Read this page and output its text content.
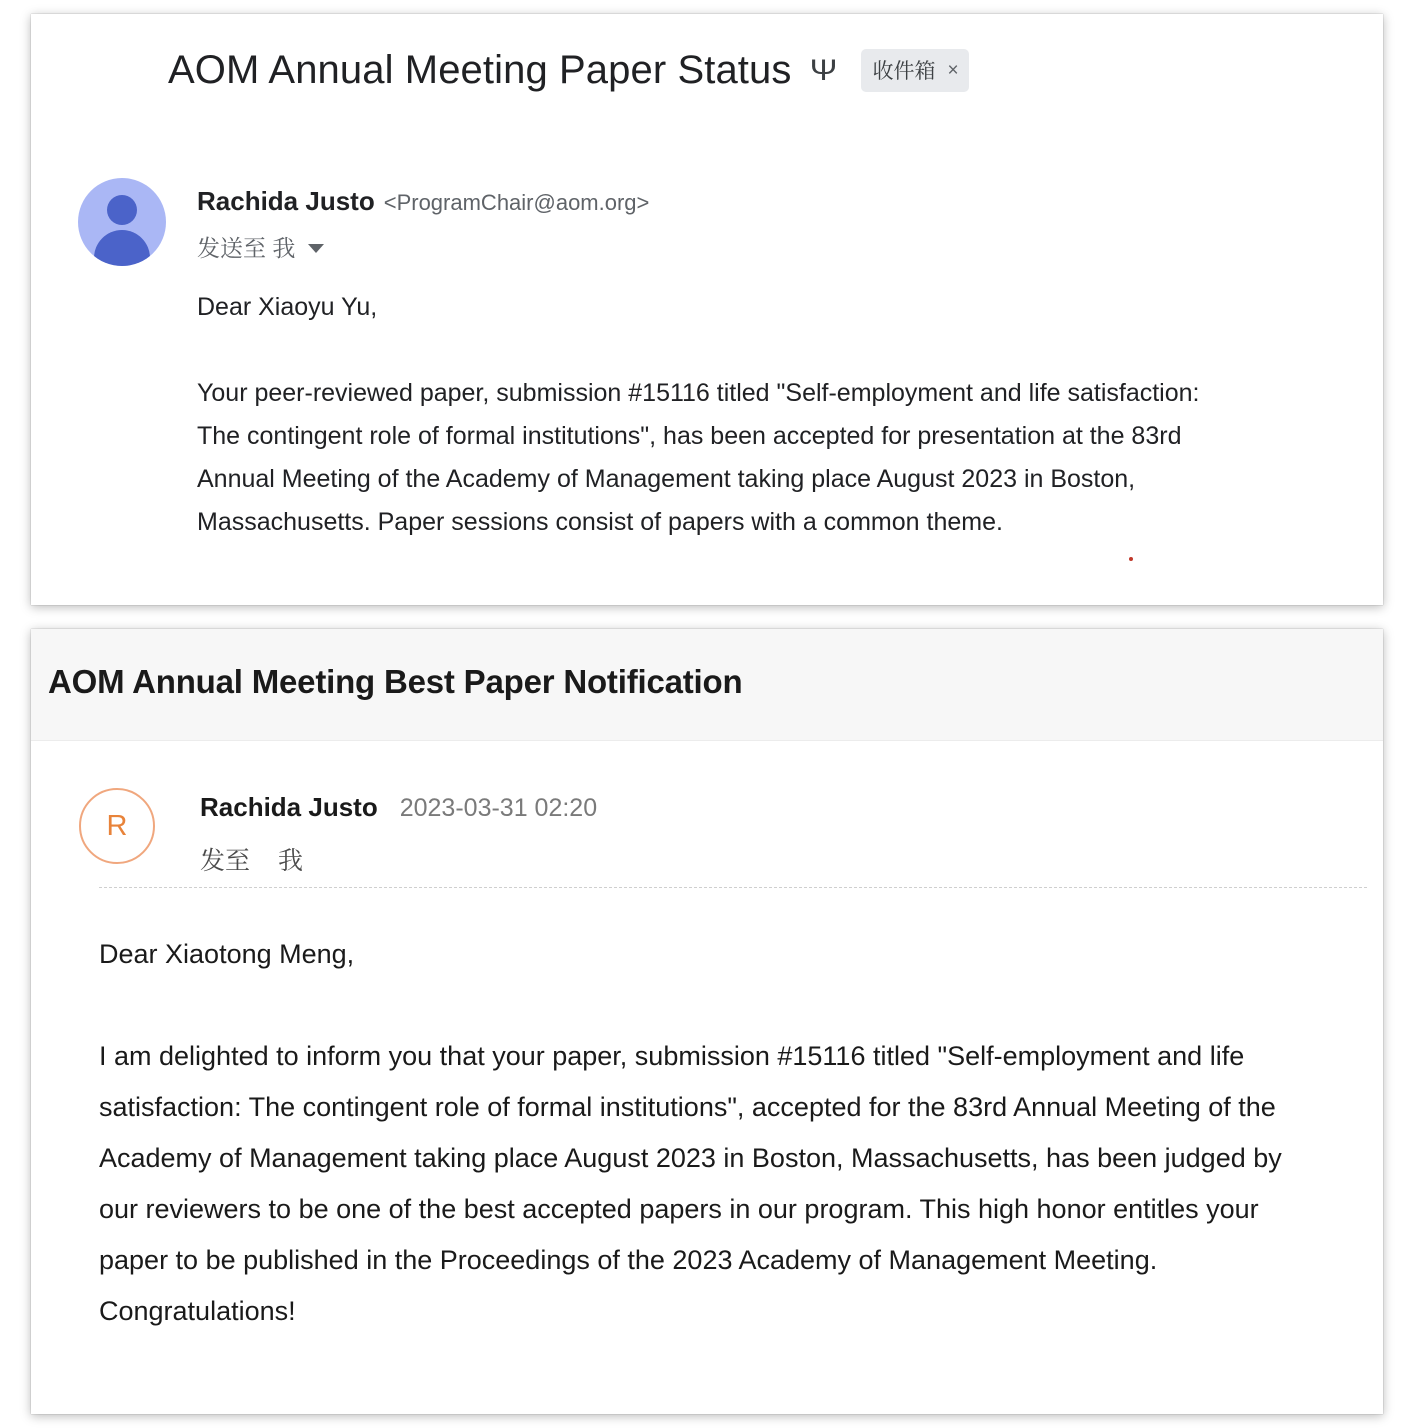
AOM Annual Meeting Paper Status Ψ 收件箱 ×
Rachida Justo <ProgramChair@aom.org>
发送至 我

Dear Xiaoyu Yu,

Your peer-reviewed paper, submission #15116 titled "Self-employment and life satisfaction: The contingent role of formal institutions", has been accepted for presentation at the 83rd Annual Meeting of the Academy of Management taking place August 2023 in Boston, Massachusetts. Paper sessions consist of papers with a common theme.

AOM Annual Meeting Best Paper Notification
R
Rachida Justo 2023-03-31 02:20
发至 我

Dear Xiaotong Meng,

I am delighted to inform you that your paper, submission #15116 titled "Self-employment and life satisfaction: The contingent role of formal institutions", accepted for the 83rd Annual Meeting of the Academy of Management taking place August 2023 in Boston, Massachusetts, has been judged by our reviewers to be one of the best accepted papers in our program. This high honor entitles your paper to be published in the Proceedings of the 2023 Academy of Management Meeting. Congratulations!
